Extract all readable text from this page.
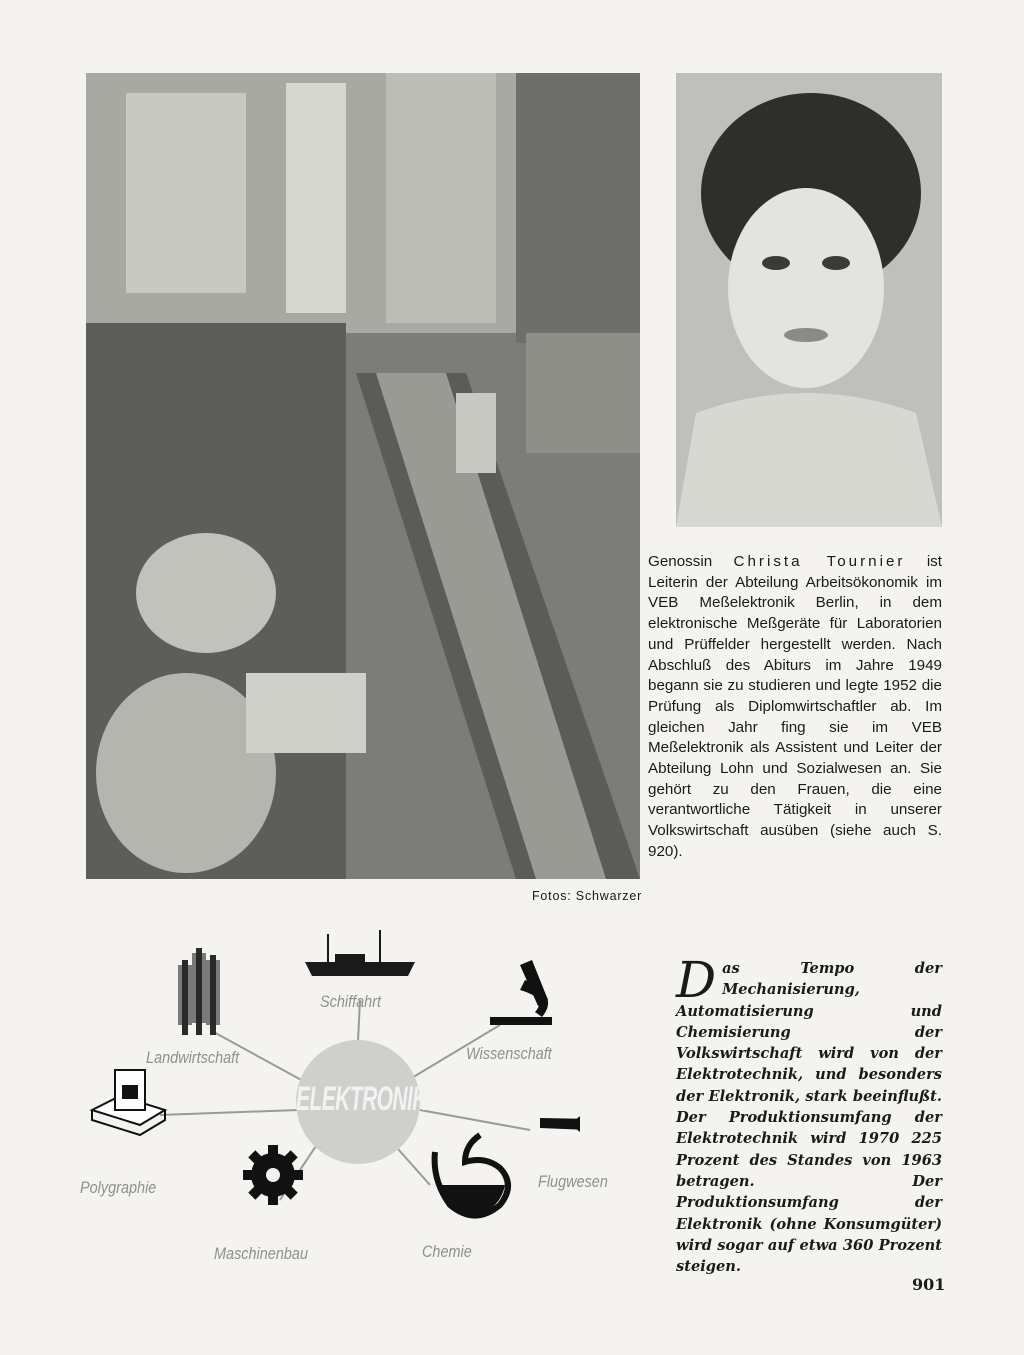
Genossin Christa Tournier ist Leiterin der Abteilung Arbeitsökonomik im VEB Meßelektronik Berlin, in dem elektronische Meßgeräte für Laboratorien und Prüffelder hergestellt werden. Nach Abschluß des Abiturs im Jahre 1949 begann sie zu studieren und legte 1952 die Prüfung als Diplomwirtschaftler ab. Im gleichen Jahr fing sie im VEB Meßelektronik als Assistent und Leiter der Abteilung Lohn und Sozialwesen an. Sie gehört zu den Frauen, die eine verantwortliche Tätigkeit in unserer Volkswirtschaft ausüben (siehe auch S. 920).
Fotos: Schwarzer
ELEKTRONIK
Schiffahrt
Landwirtschaft	Wissenschaft
Flugwesen
Polygraphie
Maschinenbau	Chemie
Das Tempo der Mechanisierung, Automatisierung und Chemisierung der Volkswirtschaft wird von der Elektrotechnik, und besonders der Elektronik, stark beeinflußt. Der Produktionsumfang der Elektrotechnik wird 1970 225 Prozent des Standes von 1963 betragen. Der Produktionsumfang der Elektronik (ohne Konsumgüter) wird sogar auf etwa 360 Prozent steigen.
901
